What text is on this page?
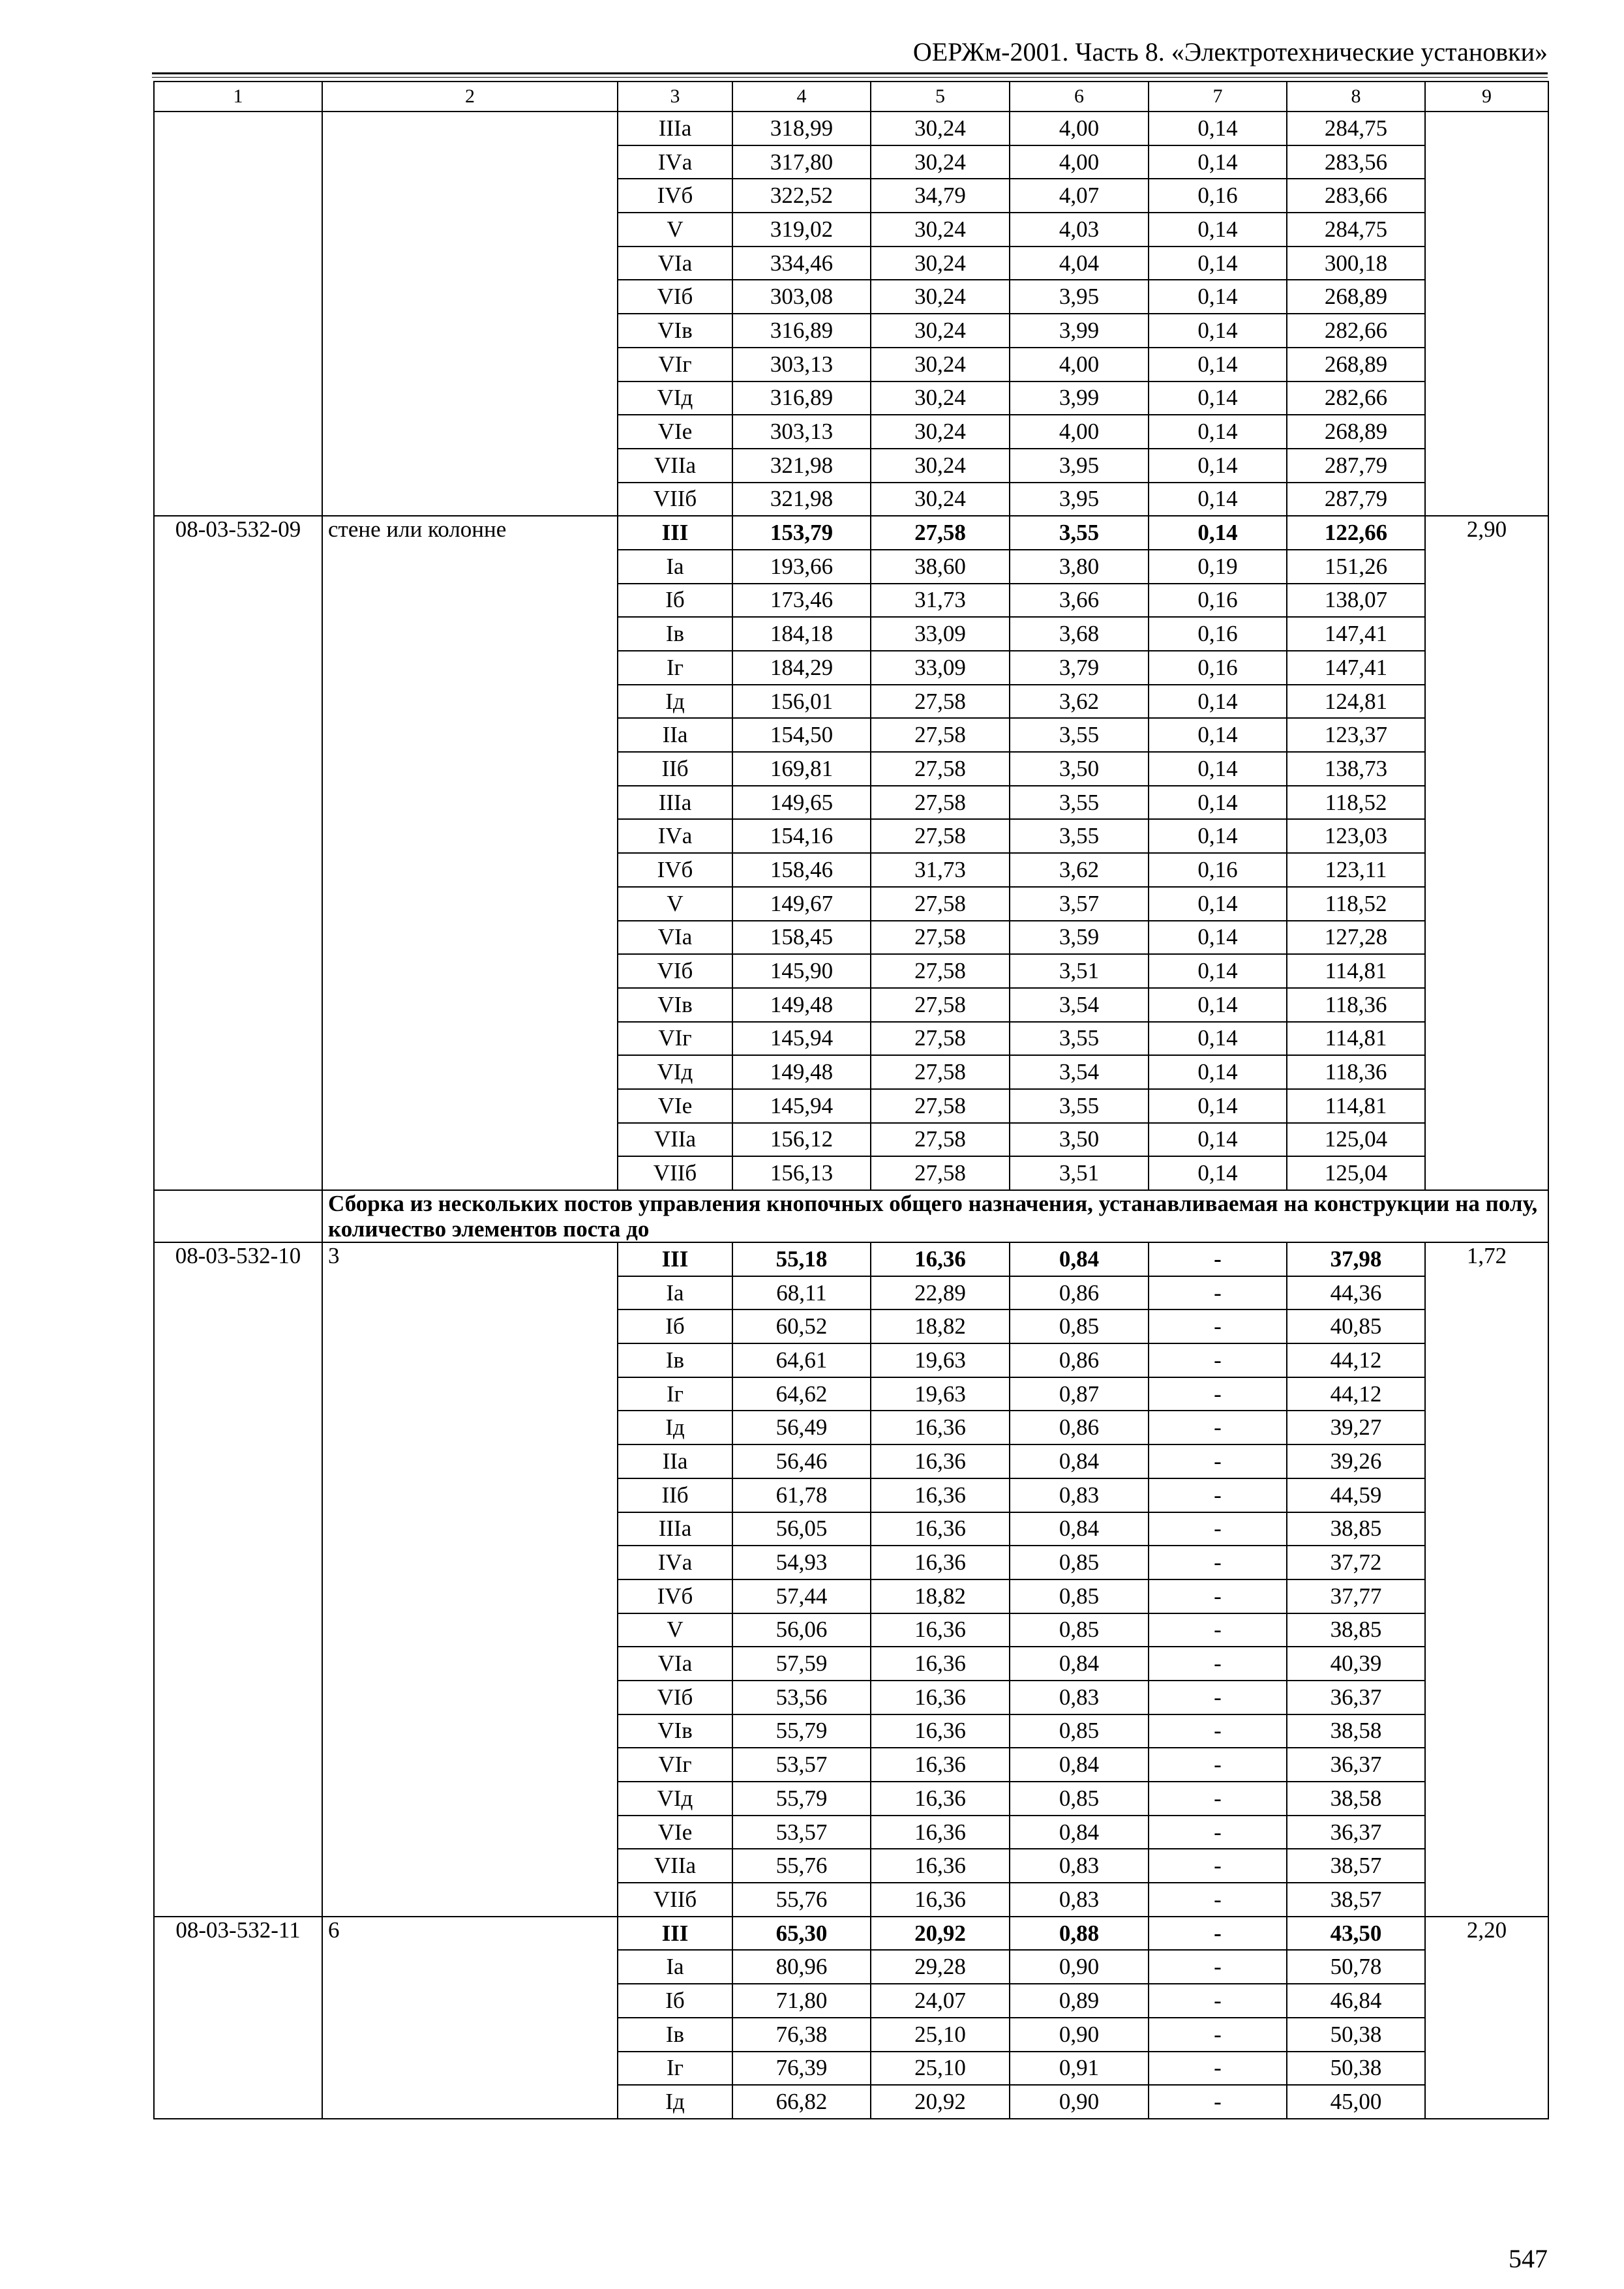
ОЕРЖм-2001. Часть 8. «Электротехнические установки»
1	2	3	4	5	6	7	8	9
		IIIа	318,99	30,24	4,00	0,14	284,75	
		IVа	317,80	30,24	4,00	0,14	283,56	
		IVб	322,52	34,79	4,07	0,16	283,66	
		V	319,02	30,24	4,03	0,14	284,75	
		VIа	334,46	30,24	4,04	0,14	300,18	
		VIб	303,08	30,24	3,95	0,14	268,89	
		VIв	316,89	30,24	3,99	0,14	282,66	
		VIг	303,13	30,24	4,00	0,14	268,89	
		VIд	316,89	30,24	3,99	0,14	282,66	
		VIе	303,13	30,24	4,00	0,14	268,89	
		VIIа	321,98	30,24	3,95	0,14	287,79	
		VIIб	321,98	30,24	3,95	0,14	287,79	
08-03-532-09	стене или колонне	III	153,79	27,58	3,55	0,14	122,66	2,90
		Iа	193,66	38,60	3,80	0,19	151,26	
		Iб	173,46	31,73	3,66	0,16	138,07	
		Iв	184,18	33,09	3,68	0,16	147,41	
		Iг	184,29	33,09	3,79	0,16	147,41	
		Iд	156,01	27,58	3,62	0,14	124,81	
		IIа	154,50	27,58	3,55	0,14	123,37	
		IIб	169,81	27,58	3,50	0,14	138,73	
		IIIа	149,65	27,58	3,55	0,14	118,52	
		IVа	154,16	27,58	3,55	0,14	123,03	
		IVб	158,46	31,73	3,62	0,16	123,11	
		V	149,67	27,58	3,57	0,14	118,52	
		VIа	158,45	27,58	3,59	0,14	127,28	
		VIб	145,90	27,58	3,51	0,14	114,81	
		VIв	149,48	27,58	3,54	0,14	118,36	
		VIг	145,94	27,58	3,55	0,14	114,81	
		VIд	149,48	27,58	3,54	0,14	118,36	
		VIе	145,94	27,58	3,55	0,14	114,81	
		VIIа	156,12	27,58	3,50	0,14	125,04	
		VIIб	156,13	27,58	3,51	0,14	125,04	
	Сборка из нескольких постов управления кнопочных общего назначения, устанавливаемая на конструкции на полу, количество элементов поста до							
08-03-532-10	3	III	55,18	16,36	0,84	-	37,98	1,72
		Iа	68,11	22,89	0,86	-	44,36	
		Iб	60,52	18,82	0,85	-	40,85	
		Iв	64,61	19,63	0,86	-	44,12	
		Iг	64,62	19,63	0,87	-	44,12	
		Iд	56,49	16,36	0,86	-	39,27	
		IIа	56,46	16,36	0,84	-	39,26	
		IIб	61,78	16,36	0,83	-	44,59	
		IIIа	56,05	16,36	0,84	-	38,85	
		IVа	54,93	16,36	0,85	-	37,72	
		IVб	57,44	18,82	0,85	-	37,77	
		V	56,06	16,36	0,85	-	38,85	
		VIа	57,59	16,36	0,84	-	40,39	
		VIб	53,56	16,36	0,83	-	36,37	
		VIв	55,79	16,36	0,85	-	38,58	
		VIг	53,57	16,36	0,84	-	36,37	
		VIд	55,79	16,36	0,85	-	38,58	
		VIе	53,57	16,36	0,84	-	36,37	
		VIIа	55,76	16,36	0,83	-	38,57	
		VIIб	55,76	16,36	0,83	-	38,57	
08-03-532-11	6	III	65,30	20,92	0,88	-	43,50	2,20
		Iа	80,96	29,28	0,90	-	50,78	
		Iб	71,80	24,07	0,89	-	46,84	
		Iв	76,38	25,10	0,90	-	50,38	
		Iг	76,39	25,10	0,91	-	50,38	
		Iд	66,82	20,92	0,90	-	45,00	
547
